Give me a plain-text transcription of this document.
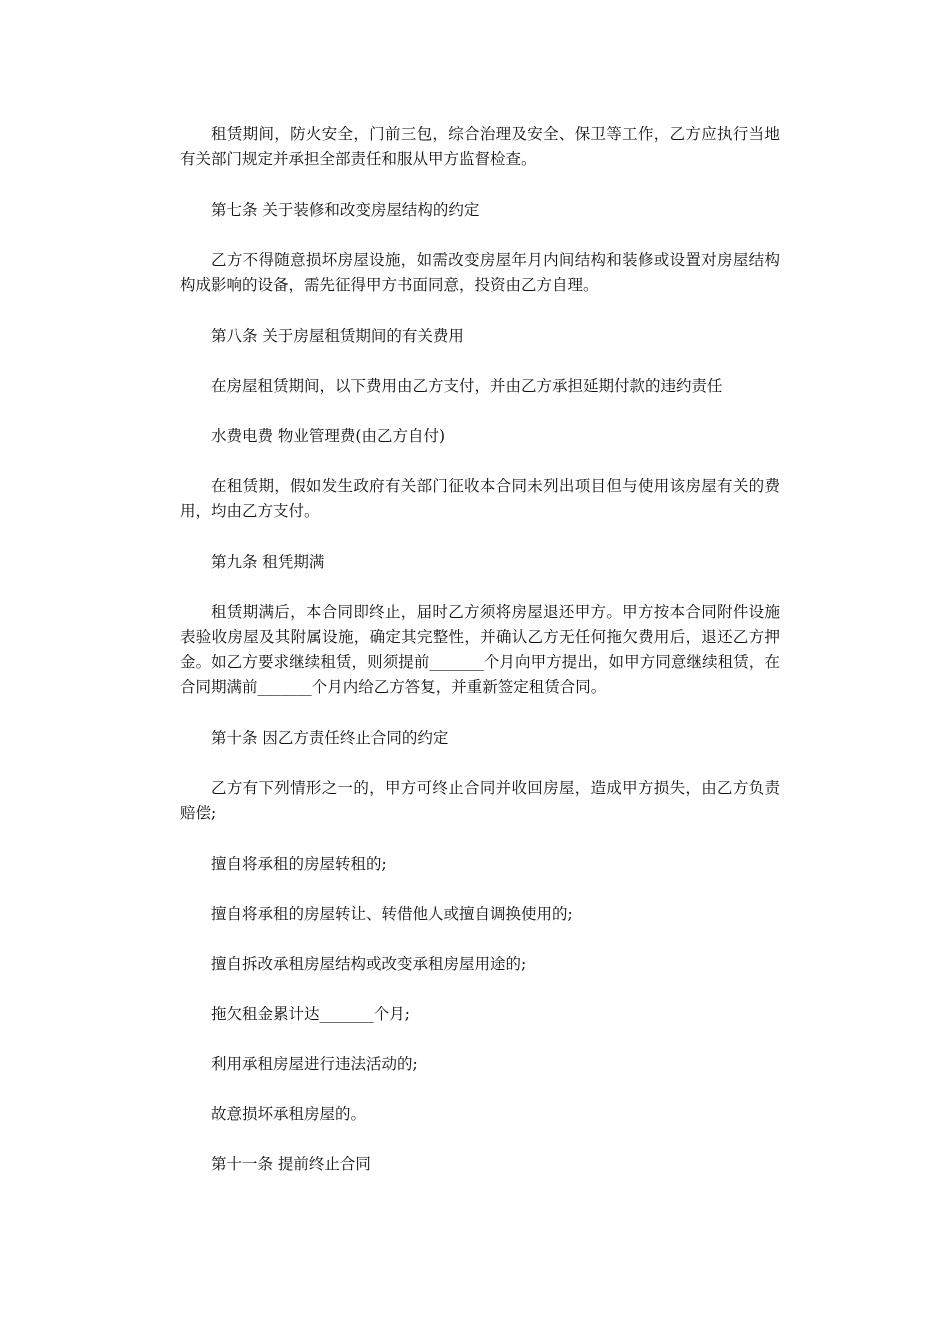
租赁期间，防火安全，门前三包，综合治理及安全、保卫等工作，乙方应执行当地有关部门规定并承担全部责任和服从甲方监督检查。

第七条 关于装修和改变房屋结构的约定

乙方不得随意损坏房屋设施，如需改变房屋年月内间结构和装修或设置对房屋结构构成影响的设备，需先征得甲方书面同意，投资由乙方自理。

第八条 关于房屋租赁期间的有关费用

在房屋租赁期间，以下费用由乙方支付，并由乙方承担延期付款的违约责任

水费电费 物业管理费(由乙方自付)

在租赁期，假如发生政府有关部门征收本合同未列出项目但与使用该房屋有关的费用，均由乙方支付。

第九条 租凭期满

租赁期满后，本合同即终止，届时乙方须将房屋退还甲方。甲方按本合同附件设施表验收房屋及其附属设施，确定其完整性，并确认乙方无任何拖欠费用后，退还乙方押金。如乙方要求继续租赁，则须提前_______个月向甲方提出，如甲方同意继续租赁，在合同期满前_______个月内给乙方答复，并重新签定租赁合同。

第十条 因乙方责任终止合同的约定

乙方有下列情形之一的，甲方可终止合同并收回房屋，造成甲方损失，由乙方负责赔偿;

擅自将承租的房屋转租的;

擅自将承租的房屋转让、转借他人或擅自调换使用的;

擅自拆改承租房屋结构或改变承租房屋用途的;

拖欠租金累计达_______个月;

利用承租房屋进行违法活动的;

故意损坏承租房屋的。

第十一条 提前终止合同
